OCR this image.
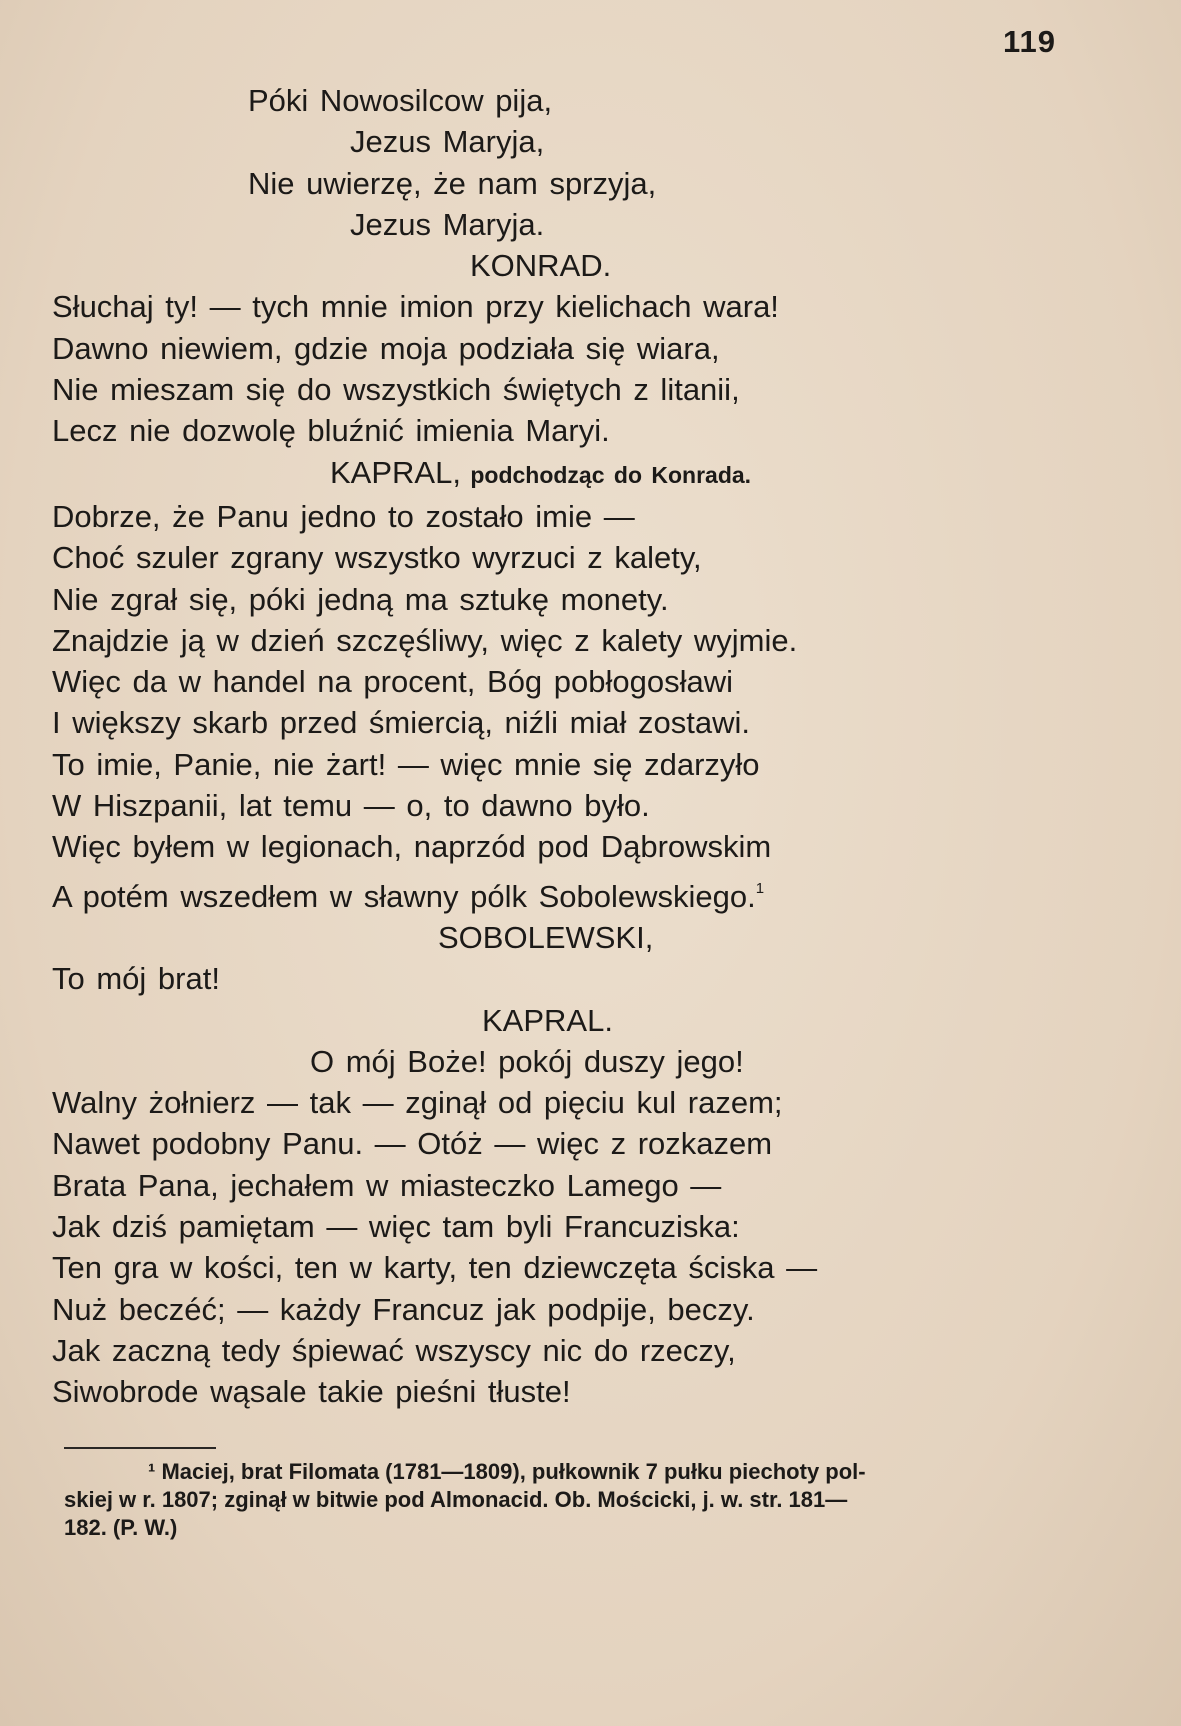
119
Póki Nowosilcow pija,
Jezus Maryja,
Nie uwierzę, że nam sprzyja,
Jezus Maryja.
KONRAD.
Słuchaj ty! — tych mnie imion przy kielichach wara!
Dawno niewiem, gdzie moja podziała się wiara,
Nie mieszam się do wszystkich świętych z litanii,
Lecz nie dozwolę bluźnić imienia Maryi.
KAPRAL, podchodząc do Konrada.
Dobrze, że Panu jedno to zostało imie —
Choć szuler zgrany wszystko wyrzuci z kalety,
Nie zgrał się, póki jedną ma sztukę monety.
Znajdzie ją w dzień szczęśliwy, więc z kalety wyjmie.
Więc da w handel na procent, Bóg pobłogosławi
I większy skarb przed śmiercią, niźli miał zostawi.
To imie, Panie, nie żart! — więc mnie się zdarzyło
W Hiszpanii, lat temu — o, to dawno było.
Więc byłem w legionach, naprzód pod Dąbrowskim
A potém wszedłem w sławny pólk Sobolewskiego.$^1$
SOBOLEWSKI,
To mój brat!
KAPRAL.
O mój Boże! pokój duszy jego!
Walny żołnierz — tak — zginął od pięciu kul razem;
Nawet podobny Panu. — Otóż — więc z rozkazem
Brata Pana, jechałem w miasteczko Lamego —
Jak dziś pamiętam — więc tam byli Francuziska:
Ten gra w kości, ten w karty, ten dziewczęta ściska —
Nuż beczéć; — każdy Francuz jak podpije, beczy.
Jak zaczną tedy śpiewać wszyscy nic do rzeczy,
Siwobrode wąsale takie pieśni tłuste!
¹ Maciej, brat Filomata (1781—1809), pułkownik 7 pułku piechoty pol-
skiej w r. 1807; zginął w bitwie pod Almonacid. Ob. Mościcki, j. w. str. 181—
182. (P. W.)
